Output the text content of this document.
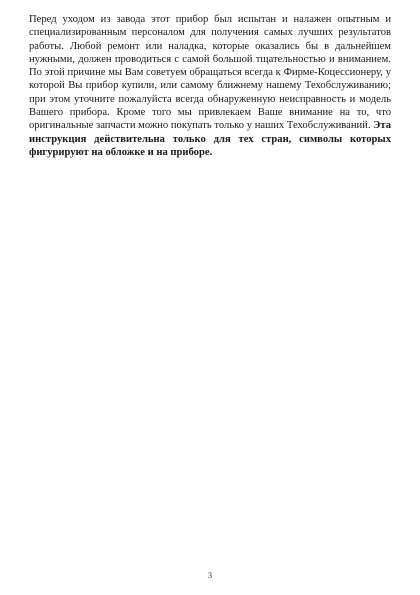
Перед уходом из завода этот прибор был испытан и налажен опытным и специализированным персоналом для получения самых лучших результатов работы. Любой ремонт или наладка, которые оказались бы в дальнейшем нужными, должен проводиться с самой большой тщательностью и вниманием. По этой причине мы Вам советуем обращаться всегда к Фирме-Коцессионеру, у которой Вы прибор купили, или самому ближнему нашему Техобслуживанию; при этом уточните пожалуйста всегда обнаруженную неисправность и модель Вашего прибора. Кроме того мы привлекаем Ваше внимание на то, что оригинальные запчасти можно покупать только у наших Техобслуживаний. Эта инструкция действительна только для тех стран, символы которых фигурируют на обложке и на приборе.

3
